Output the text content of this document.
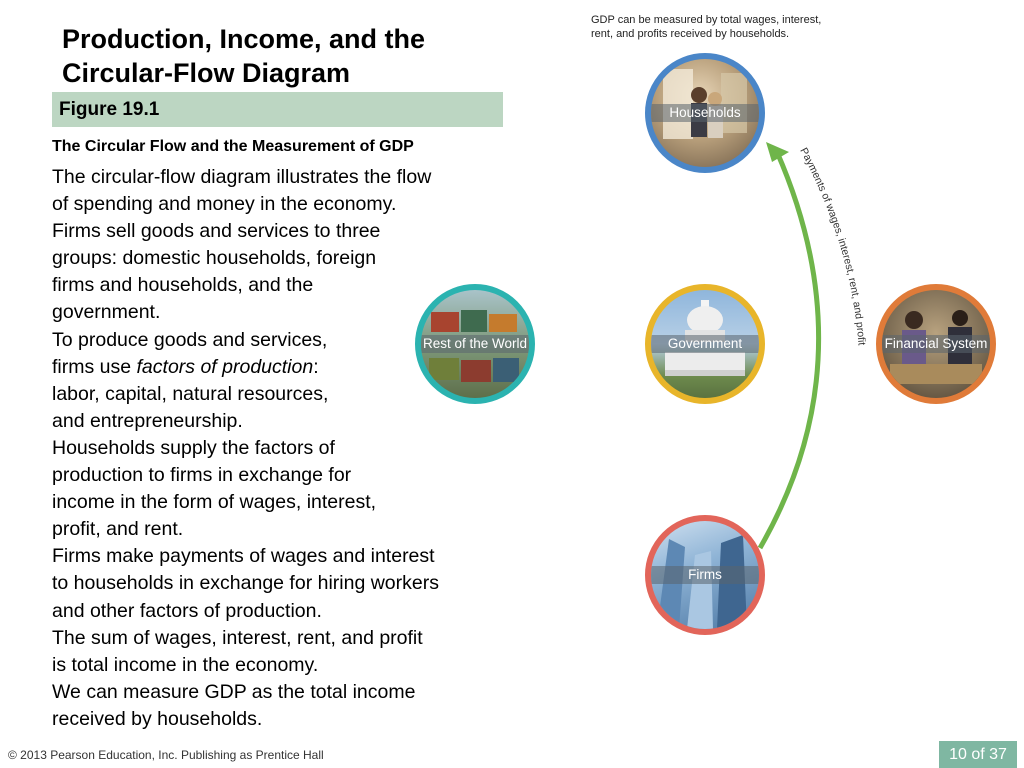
Production, Income, and the
Circular-Flow Diagram
Figure 19.1
The Circular Flow and the Measurement of GDP
The circular-flow diagram illustrates the flow
of spending and money in the economy.
Firms sell goods and services to three
groups: domestic households, foreign
firms and households, and the
government.
To produce goods and services,
firms use factors of production:
labor, capital, natural resources,
and entrepreneurship.
Households supply the factors of
production to firms in exchange for
income in the form of wages, interest,
profit, and rent.
Firms make payments of wages and interest
to households in exchange for hiring workers
and other factors of production.
The sum of wages, interest, rent, and profit
is total income in the economy.
We can measure GDP as the total income
received by households.
GDP can be measured by total wages, interest,
rent, and profits received by households.
Payments of wages, interest, rent, and profit
Households
Rest of the World	Government	Financial System
Firms
© 2013 Pearson Education, Inc. Publishing as Prentice Hall	10 of 37
